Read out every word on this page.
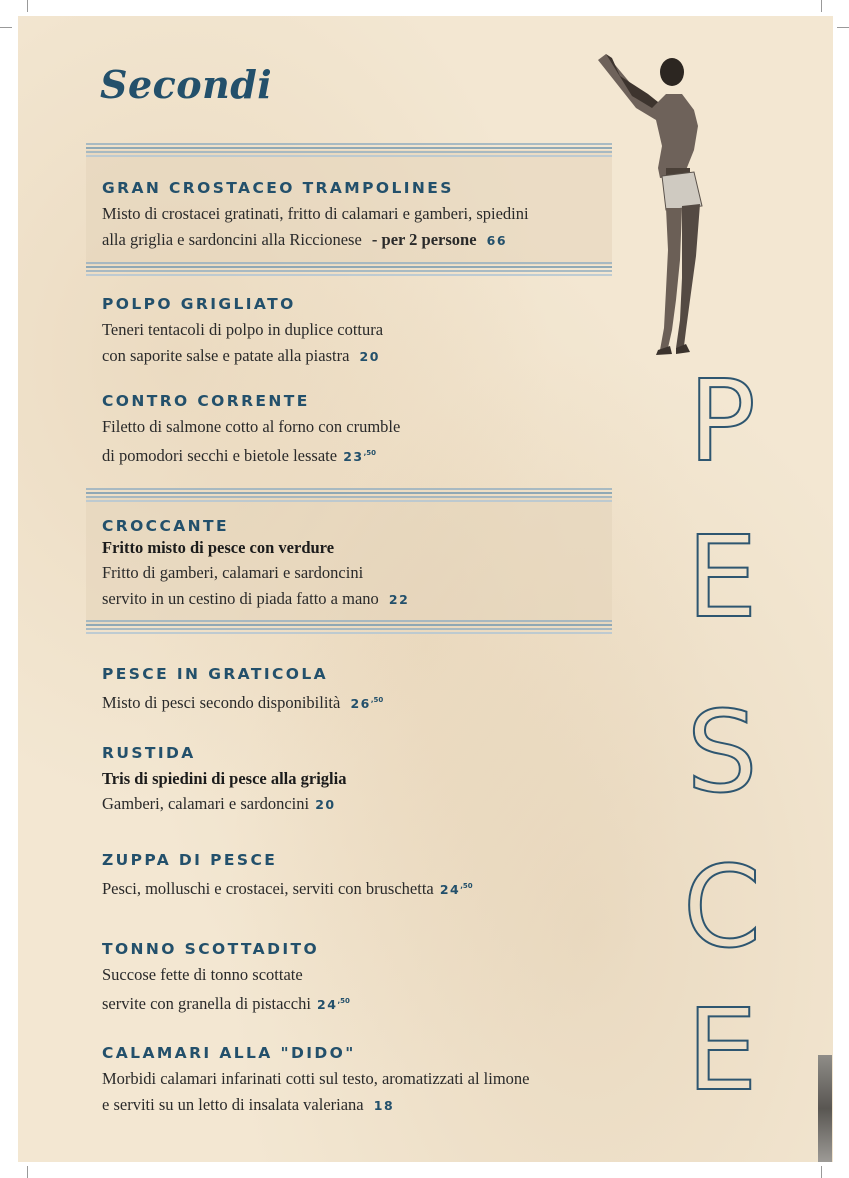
Secondi
GRAN CROSTACEO TRAMPOLINES
Misto di crostacei gratinati, fritto di calamari e gamberi, spiedini
alla griglia e sardoncini alla Riccionese - per 2 persone 66
POLPO GRIGLIATO
Teneri tentacoli di polpo in duplice cottura
con saporite salse e patate alla piastra 20
CONTRO CORRENTE
Filetto di salmone cotto al forno con crumble
di pomodori secchi e bietole lessate $23^{,50}$
CROCCANTE
Fritto misto di pesce con verdure
Fritto di gamberi, calamari e sardoncini
servito in un cestino di piada fatto a mano 22
PESCE IN GRATICOLA
Misto di pesci secondo disponibilità $26^{,50}$
RUSTIDA
Tris di spiedini di pesce alla griglia
Gamberi, calamari e sardoncini 20
ZUPPA DI PESCE
Pesci, molluschi e crostacei, serviti con bruschetta $24^{,50}$
TONNO SCOTTADITO
Succose fette di tonno scottate
servite con granella di pistacchi $24^{,50}$
CALAMARI ALLA "DIDO"
Morbidi calamari infarinati cotti sul testo, aromatizzati al limone
e serviti su un letto di insalata valeriana 18
P
E
S
C
E
